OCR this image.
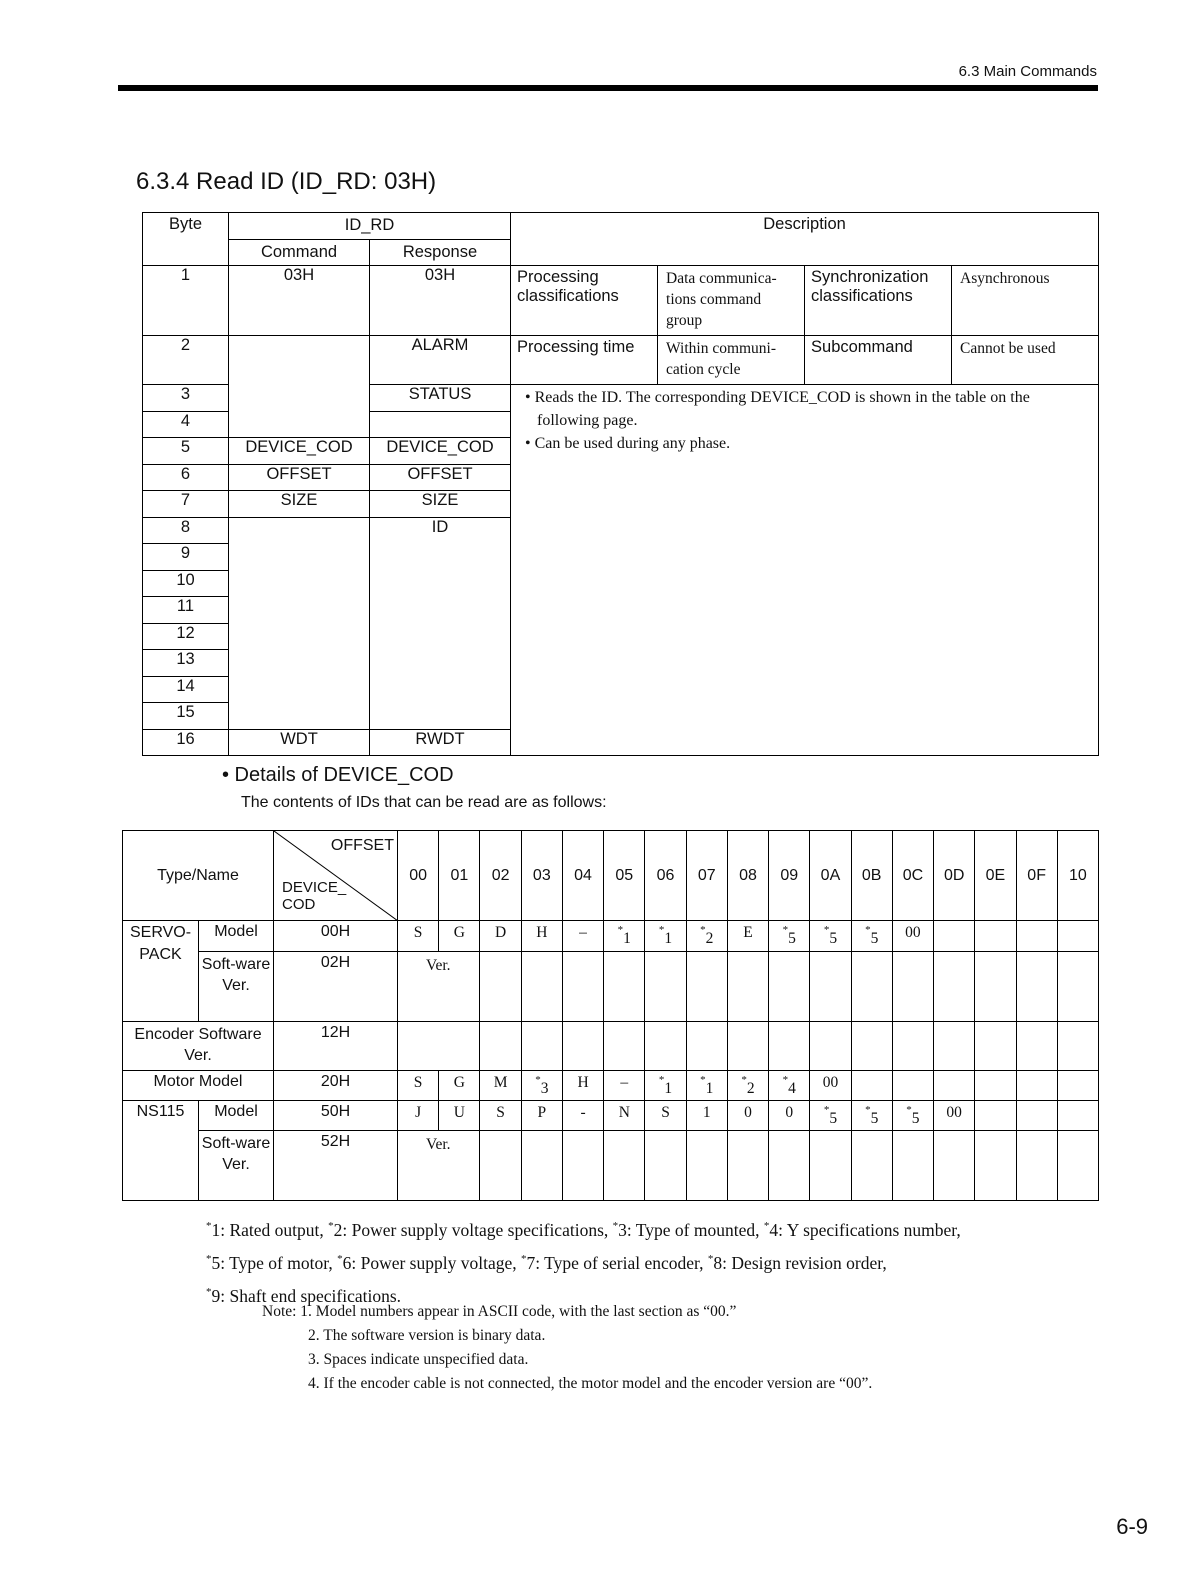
6.3 Main Commands
6.3.4 Read ID (ID_RD: 03H)
Byte	ID_RD		Description			
	Command	Response				
1	03H	03H	Processing classifications	Data communica-tions command group	Synchronization classifications	Asynchronous
2		ALARM	Processing time	Within communi-cation cycle	Subcommand	Cannot be used
3		STATUS	• Reads the ID. The corresponding DEVICE_COD is shown in the table on the following page.
• Can be used during any phase.			

4						
5	DEVICE_COD	DEVICE_COD				
6	OFFSET	OFFSET				
7	SIZE	SIZE				
8		ID				
9						
10						
11						
12						
13						
14						
15						
16	WDT	RWDT				
• Details of DEVICE_COD
The contents of IDs that can be read are as follows:
Type/Name		OFFSET
DEVICE_
COD	00	01	02	03	04	05	06	07	08	09	0A	0B	0C	0D	0E	0F	10
SERVO-PACK	Model	00H	S	G	D	H	–	*1	*1	*2	E	*5	*5	*5	00				
	Soft-ware Ver.	02H	Ver.																
Encoder Software Ver.		12H																	
Motor Model		20H	S	G	M	*3	H	–	*1	*1	*2	*4	00						
NS115	Model	50H	J	U	S	P	-	N	S	1	0	0	*5	*5	*5	00			
	Soft-ware Ver.	52H	Ver.																
*1: Rated output, *2: Power supply voltage specifications, *3: Type of mounted, *4: Y specifications number,
*5: Type of motor, *6: Power supply voltage, *7: Type of serial encoder, *8: Design revision order,
*9: Shaft end specifications.
Note: 1. Model numbers appear in ASCII code, with the last section as “00.”
2. The software version is binary data.
3. Spaces indicate unspecified data.
4. If the encoder cable is not connected, the motor model and the encoder version are “00”.
6-9
